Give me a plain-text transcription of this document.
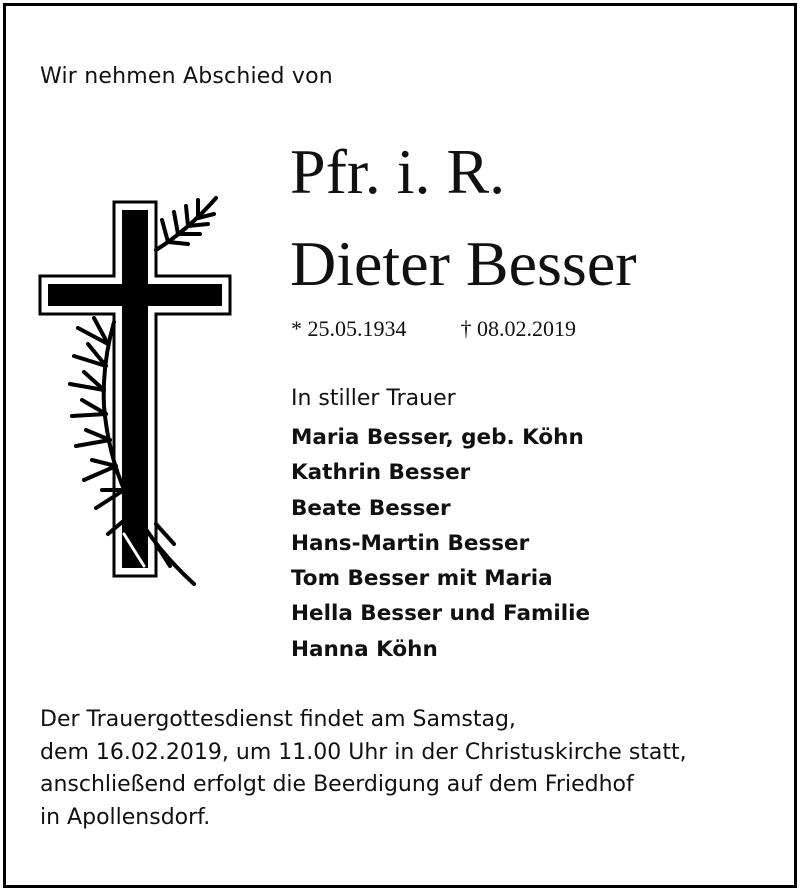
Wir nehmen Abschied von
Pfr. i. R.
Dieter Besser
* 25.05.1934 † 08.02.2019
In stiller Trauer
Maria Besser, geb. Köhn
Kathrin Besser
Beate Besser
Hans-Martin Besser
Tom Besser mit Maria
Hella Besser und Familie
Hanna Köhn
Der Trauergottesdienst findet am Samstag,
dem 16.02.2019, um 11.00 Uhr in der Christuskirche statt,
anschließend erfolgt die Beerdigung auf dem Friedhof
in Apollensdorf.
